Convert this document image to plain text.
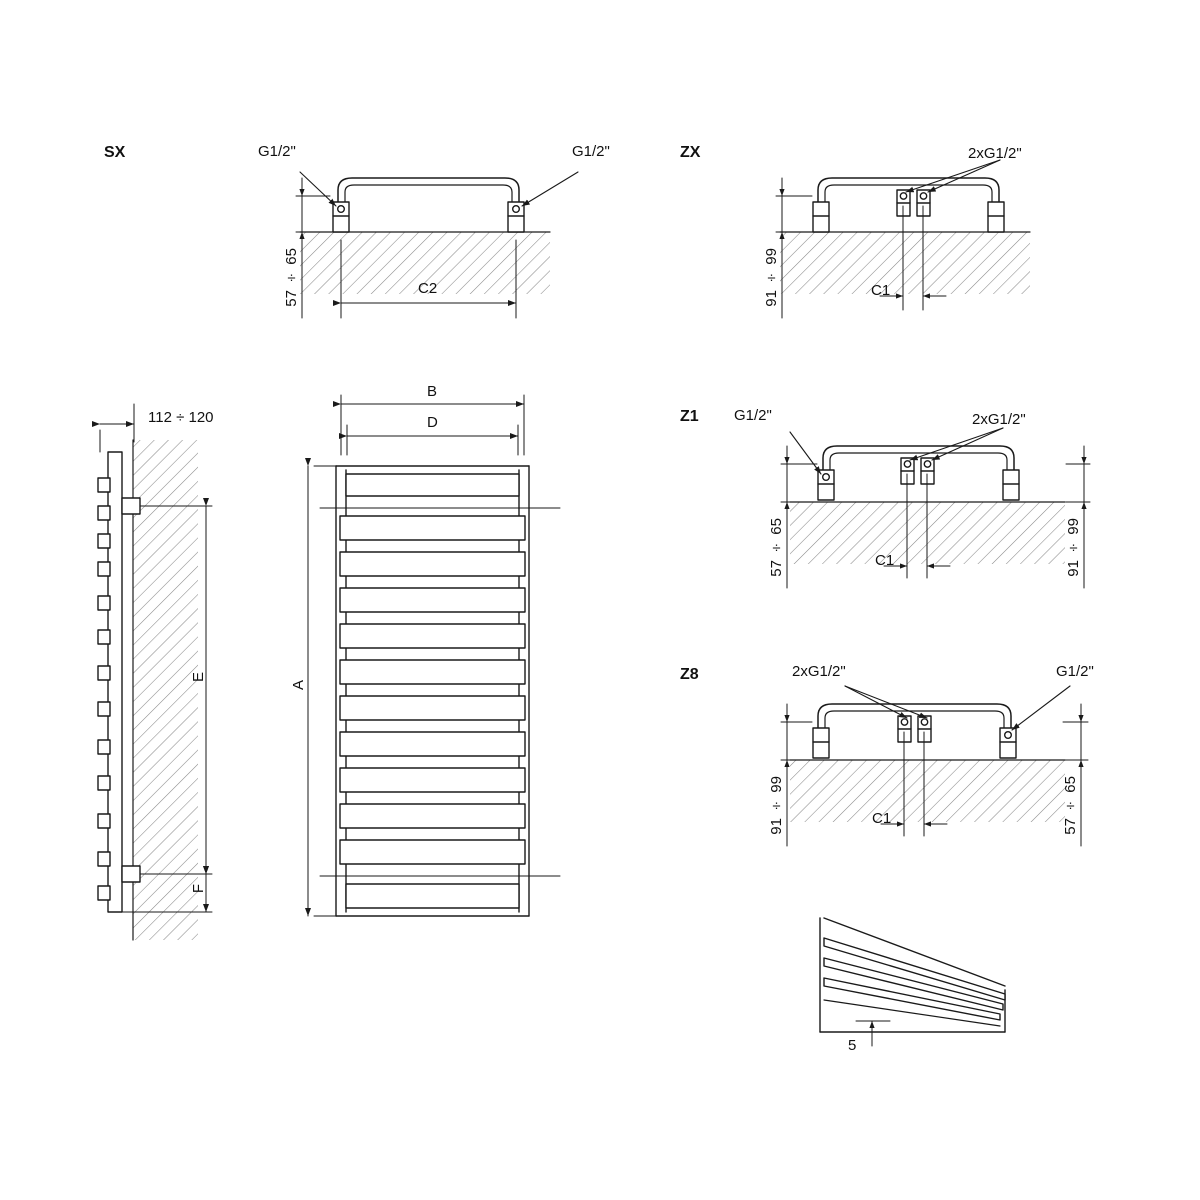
SX	G1/2"	G1/2"
57 ÷ 65	C2
ZX	2xG1/2"
91 ÷ 99	C1
Z1 G1/2"	2xG1/2"
57 ÷ 65	91 ÷ 99
C1
Z8	2xG1/2"	G1/2"
91 ÷ 99	57 ÷ 65
C1
112 ÷ 120
E
F
B
D
A
5
